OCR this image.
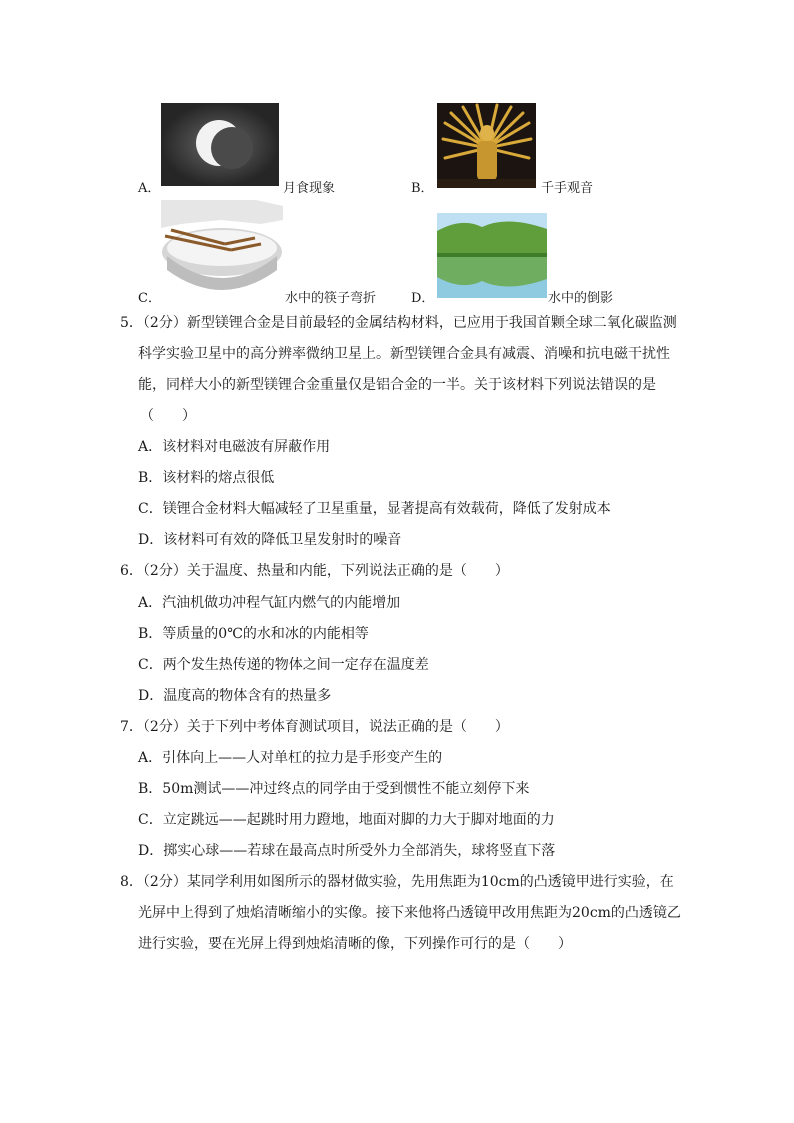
A．	月食现象	B．	千手观音
C．	水中的筷子弯折	D．	水中的倒影
5．（2分）新型镁锂合金是目前最轻的金属结构材料，已应用于我国首颗全球二氧化碳监测
科学实验卫星中的高分辨率微纳卫星上。新型镁锂合金具有减震、消噪和抗电磁干扰性
能，同样大小的新型镁锂合金重量仅是铝合金的一半。关于该材料下列说法错误的是
（　　）
A．该材料对电磁波有屏蔽作用
B．该材料的熔点很低
C．镁锂合金材料大幅减轻了卫星重量，显著提高有效载荷，降低了发射成本
D．该材料可有效的降低卫星发射时的噪音
6．（2分）关于温度、热量和内能，下列说法正确的是（　　）
A．汽油机做功冲程气缸内燃气的内能增加
B．等质量的0℃的水和冰的内能相等
C．两个发生热传递的物体之间一定存在温度差
D．温度高的物体含有的热量多
7．（2分）关于下列中考体育测试项目，说法正确的是（　　）
A．引体向上——人对单杠的拉力是手形变产生的
B．50m测试——冲过终点的同学由于受到惯性不能立刻停下来
C．立定跳远——起跳时用力蹬地，地面对脚的力大于脚对地面的力
D．掷实心球——若球在最高点时所受外力全部消失，球将竖直下落
8．（2分）某同学利用如图所示的器材做实验，先用焦距为10cm的凸透镜甲进行实验，在
光屏中上得到了烛焰清晰缩小的实像。接下来他将凸透镜甲改用焦距为20cm的凸透镜乙
进行实验，要在光屏上得到烛焰清晰的像，下列操作可行的是（　　）
